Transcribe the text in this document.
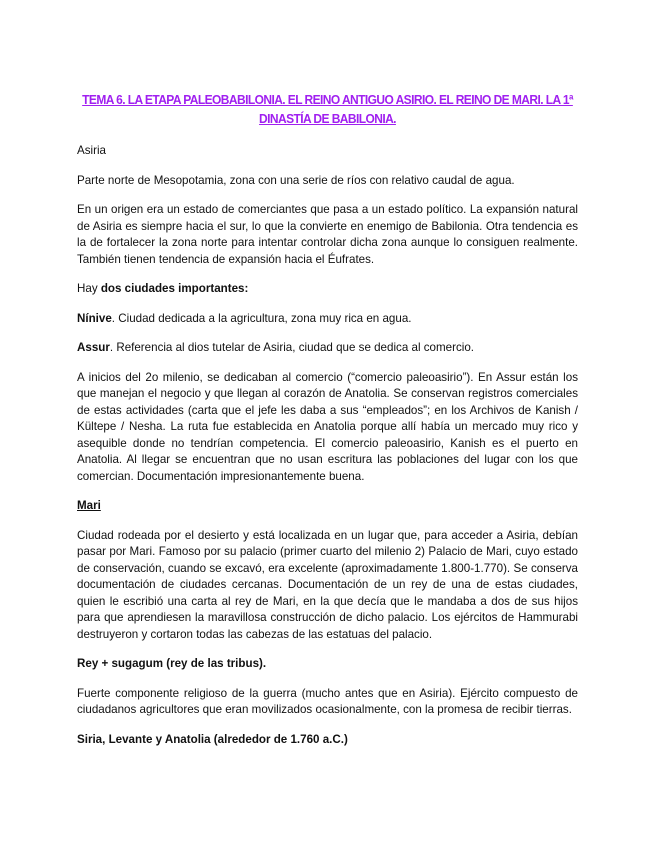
TEMA 6. LA ETAPA PALEOBABILONIA. EL REINO ANTIGUO ASIRIO. EL REINO DE MARI. LA 1ª DINASTÍA DE BABILONIA.

Asiria

Parte norte de Mesopotamia, zona con una serie de ríos con relativo caudal de agua.

En un origen era un estado de comerciantes que pasa a un estado político. La expansión natural de Asiria es siempre hacia el sur, lo que la convierte en enemigo de Babilonia. Otra tendencia es la de fortalecer la zona norte para intentar controlar dicha zona aunque lo consiguen realmente. También tienen tendencia de expansión hacia el Éufrates.

Hay dos ciudades importantes:

Nínive. Ciudad dedicada a la agricultura, zona muy rica en agua.

Assur. Referencia al dios tutelar de Asiria, ciudad que se dedica al comercio.

A inicios del 2o milenio, se dedicaban al comercio (“comercio paleoasirio”). En Assur están los que manejan el negocio y que llegan al corazón de Anatolia. Se conservan registros comerciales de estas actividades (carta que el jefe les daba a sus “empleados”; en los Archivos de Kanish / Kültepe / Nesha. La ruta fue establecida en Anatolia porque allí había un mercado muy rico y asequible donde no tendrían competencia. El comercio paleoasirio, Kanish es el puerto en Anatolia. Al llegar se encuentran que no usan escritura las poblaciones del lugar con los que comercian. Documentación impresionantemente buena.

Mari

Ciudad rodeada por el desierto y está localizada en un lugar que, para acceder a Asiria, debían pasar por Mari. Famoso por su palacio (primer cuarto del milenio 2) Palacio de Mari, cuyo estado de conservación, cuando se excavó, era excelente (aproximadamente 1.800-1.770). Se conserva documentación de ciudades cercanas. Documentación de un rey de una de estas ciudades, quien le escribió una carta al rey de Mari, en la que decía que le mandaba a dos de sus hijos para que aprendiesen la maravillosa construcción de dicho palacio. Los ejércitos de Hammurabi destruyeron y cortaron todas las cabezas de las estatuas del palacio.

Rey + sugagum (rey de las tribus).

Fuerte componente religioso de la guerra (mucho antes que en Asiria). Ejército compuesto de ciudadanos agricultores que eran movilizados ocasionalmente, con la promesa de recibir tierras.

Siria, Levante y Anatolia (alrededor de 1.760 a.C.)
